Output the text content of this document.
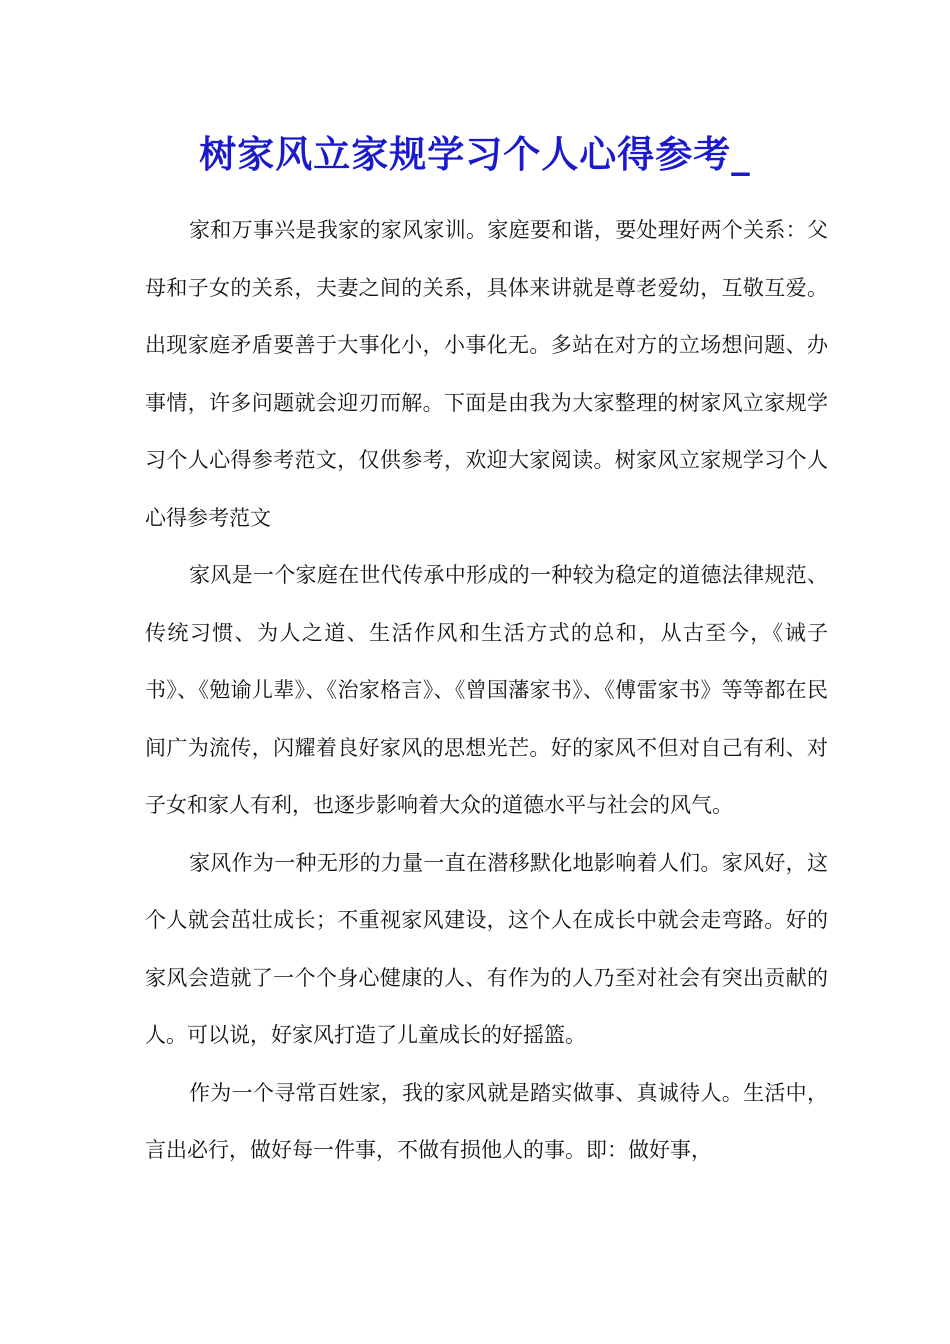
树家风立家规学习个人心得参考_

家和万事兴是我家的家风家训。家庭要和谐，要处理好两个关系：父母和子女的关系，夫妻之间的关系，具体来讲就是尊老爱幼，互敬互爱。出现家庭矛盾要善于大事化小，小事化无。多站在对方的立场想问题、办事情，许多问题就会迎刃而解。下面是由我为大家整理的树家风立家规学习个人心得参考范文，仅供参考，欢迎大家阅读。树家风立家规学习个人心得参考范文

家风是一个家庭在世代传承中形成的一种较为稳定的道德法律规范、传统习惯、为人之道、生活作风和生活方式的总和，从古至今，《诫子书》、《勉谕儿辈》、《治家格言》、《曾国藩家书》、《傅雷家书》等等都在民间广为流传，闪耀着良好家风的思想光芒。好的家风不但对自己有利、对子女和家人有利，也逐步影响着大众的道德水平与社会的风气。

家风作为一种无形的力量一直在潜移默化地影响着人们。家风好，这个人就会茁壮成长；不重视家风建设，这个人在成长中就会走弯路。好的家风会造就了一个个身心健康的人、有作为的人乃至对社会有突出贡献的人。可以说，好家风打造了儿童成长的好摇篮。

作为一个寻常百姓家，我的家风就是踏实做事、真诚待人。生活中，言出必行，做好每一件事，不做有损他人的事。即：做好事，
